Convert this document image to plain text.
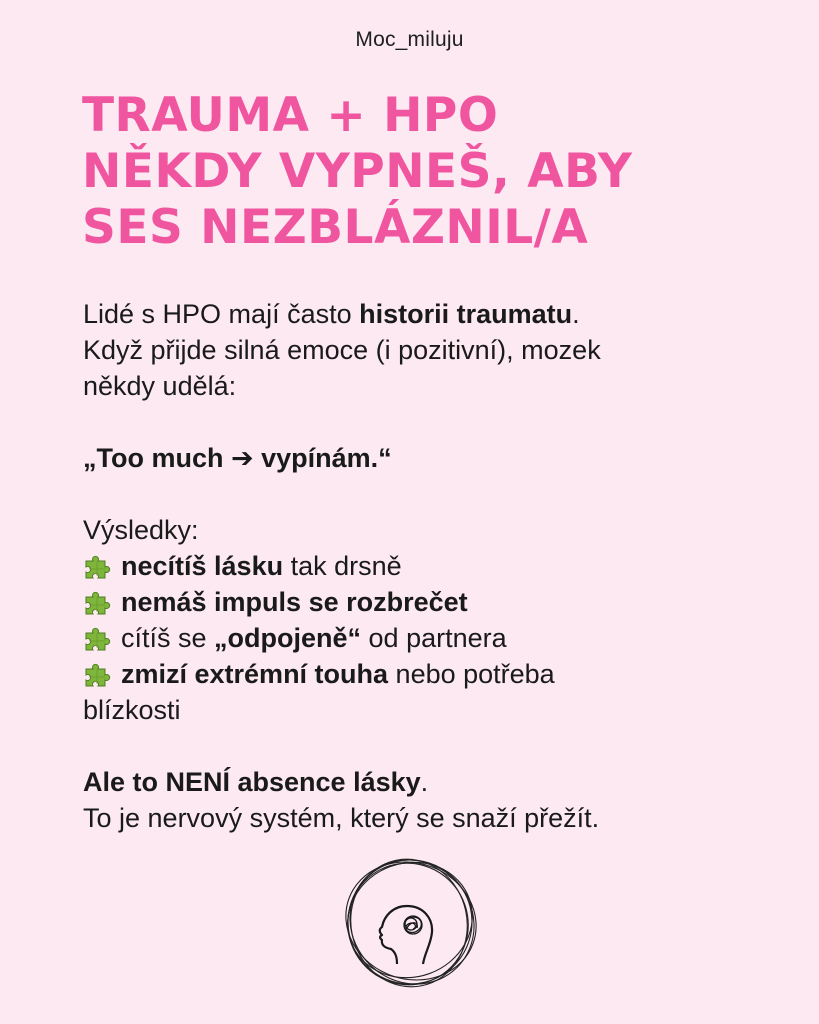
Moc_miluju
TRAUMA + HPO
NĚKDY VYPNEŠ, ABY
SES NEZBLÁZNIL/A

Lidé s HPO mají často historii traumatu.

Když přijde silná emoce (i pozitivní), mozek

někdy udělá:

„Too much ➔ vypínám.“

Výsledky:

necítíš lásku tak drsně

nemáš impuls se rozbrečet

cítíš se „odpojeně“ od partnera

zmizí extrémní touha nebo potřeba

blízkosti

Ale to NENÍ absence lásky.

To je nervový systém, který se snaží přežít.
